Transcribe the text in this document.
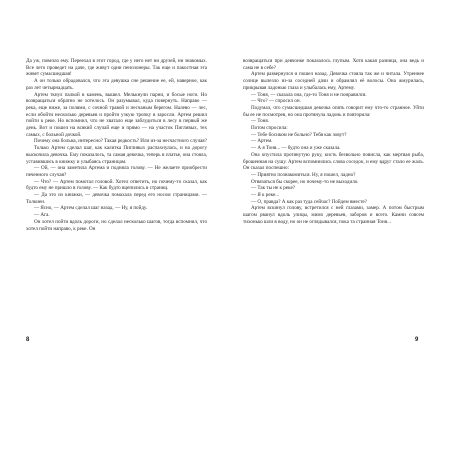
Да уж, повезло ему. Переехал в этот город, где у него нет ни друзей, ни знакомых. Все лето проведет на даче, где живут одни пенсионеры. Так еще и пакостная эта живет сумасшедшая!

А он только обрадовался, что эта девушка сне решение ее, ей, наверное, как раз лет четырнадцать.

Артем ткнул палкой в камень, вышел. Мелькнули парни, и босые ноги. Но возвращаться обратно не хотелось. Он разумывал, куда повернуть. Направо — река, еще ниже, за полями, с сочной травой и песчаным берегом. Налево — лес, если обойти несколько деревьев и пройти узкую тропку в заросли. Артем решил пойти к реке. Но вспомнил, что не хватало еще заблудиться в лесу в первый же день. Вот и пошел на всякий случай еще и прямо — на участок Пигливых, тех самых, с больной дочкой.

Почему она больна, интересно? Такая редкость? Или из-за несчастного случая?

Только Артем сделал шаг, как калитка Пигливых распахнулась, и на дорогу выскочила девочка. Ему показалось, та самая девочка, теперь в платье, она стояла, уставившись в книжку и улыбаясь страницам.

— Ой, — она заметила Артема и подняла голову. — Не желаете приобрести печенного случая?

— Что? — Артем помотал головой. Хотел ответить, но почему-то сказал, как будто ему не пришло в голову. — Как будто вцепились в страниц.

— Да это из книжки, — девочка помахала перед его носом страницами. — Толкиен.

— Ясно, — Артем сделал шаг назад. — Ну, я пойду.

— Ага.

Он хотел пойти вдоль дороги, но сделал несколько шагов, тогда вспомнил, что хотел пойти направо, к реке. Он

возвращаться при девчонке показалось глупым. Хотя какая разница, она ведь и сама не в себе?

Артем развернулся и пошел назад. Девочка стояла так же и читала. Утреннее солнце вылезло из-за соседней дачи и обрамлял её волосы. Она жмурилась, прикрывая ладонью глаза и улыбалась ему, Артему.

— Тоня, — сказала она, где-то Тоня и не понравился.

— Что? — спросил он.

Подумал, что сумасшедшая девочка опять говорит ему что-то странное. Уйти бы ее не посмотрев, но она протянула ладонь и повторила:

— Тоня.

Потом спросила:

— Тебе босиком не больно? Тебя как зовут?

— Артем.

— А я Тоня... — будто она и уже сказала.

Она опустила протянутую руку, кисть безвольно повисла, как мертвая рыба, брошенная на сушу. Артем вспомнились слова соседок, и ему вдруг стало ее жаль. Он сказал поспешно:

— Приятно познакомиться. Ну, я пошел, ладно?

Отвязаться бы скорее, но почему-то не выходило.

— Так ты не к реке?

— Я к реке...

— О, правда? А как раз туда сейчас? Пойдем вместе?

Артем вскинул голову, встретился с ней глазами, замер. А потом быстрым шагом рванул вдоль улицы, мимо деревьев, заборов и всего. Камни совсем тихонько шли в воду, но он не оглядывался, пока та странная Тоня...

8	9
